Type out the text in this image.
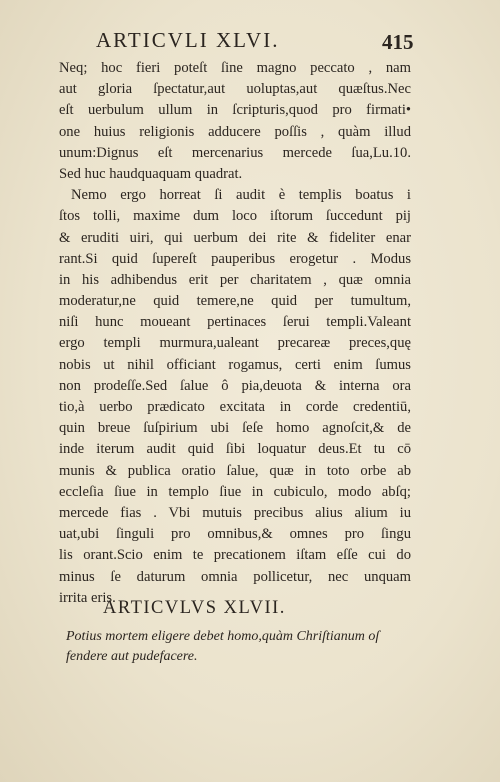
ARTICVLI XLVI.	415
Neq; hoc fieri poteſt ſine magno peccato , nam
aut gloria ſpectatur,aut uoluptas,aut quæſtus.Nec
eſt uerbulum ullum in ſcripturis,quod pro firmati•
one huius religionis adducere poſſis , quàm illud
unum:Dignus eſt mercenarius mercede ſua,Lu.10.
Sed huc haudquaquam quadrat.
Nemo ergo horreat ſi audit è templis boatus i
ſtos tolli, maxime dum loco iſtorum ſuccedunt pij
& eruditi uiri, qui uerbum dei rite & fideliter enar
rant.Si quid ſupereſt pauperibus erogetur . Modus
in his adhibendus erit per charitatem , quæ omnia
moderatur,ne quid temere,ne quid per tumultum,
niſi hunc moueant pertinaces ſerui templi.Valeant
ergo templi murmura,ualeant precareæ preces,quę
nobis ut nihil officiant rogamus, certi enim ſumus
non prodeſſe.Sed ſalue ô pia,deuota & interna ora
tio,à uerbo prædicato excitata in corde credentiū,
quin breue ſuſpirium ubi ſeſe homo agnoſcit,& de
inde iterum audit quid ſibi loquatur deus.Et tu cō
munis & publica oratio ſalue, quæ in toto orbe ab
eccleſia ſiue in templo ſiue in cubiculo, modo abſq;
mercede fias . Vbi mutuis precibus alius alium iu
uat,ubi ſinguli pro omnibus,& omnes pro ſingu
lis orant.Scio enim te precationem iſtam eſſe cui do
minus ſe daturum omnia pollicetur, nec unquam
irrita eris.
ARTICVLVS XLVII.
Potius mortem eligere debet homo,quàm Chriſtianum oſ fendere aut pudefacere.
